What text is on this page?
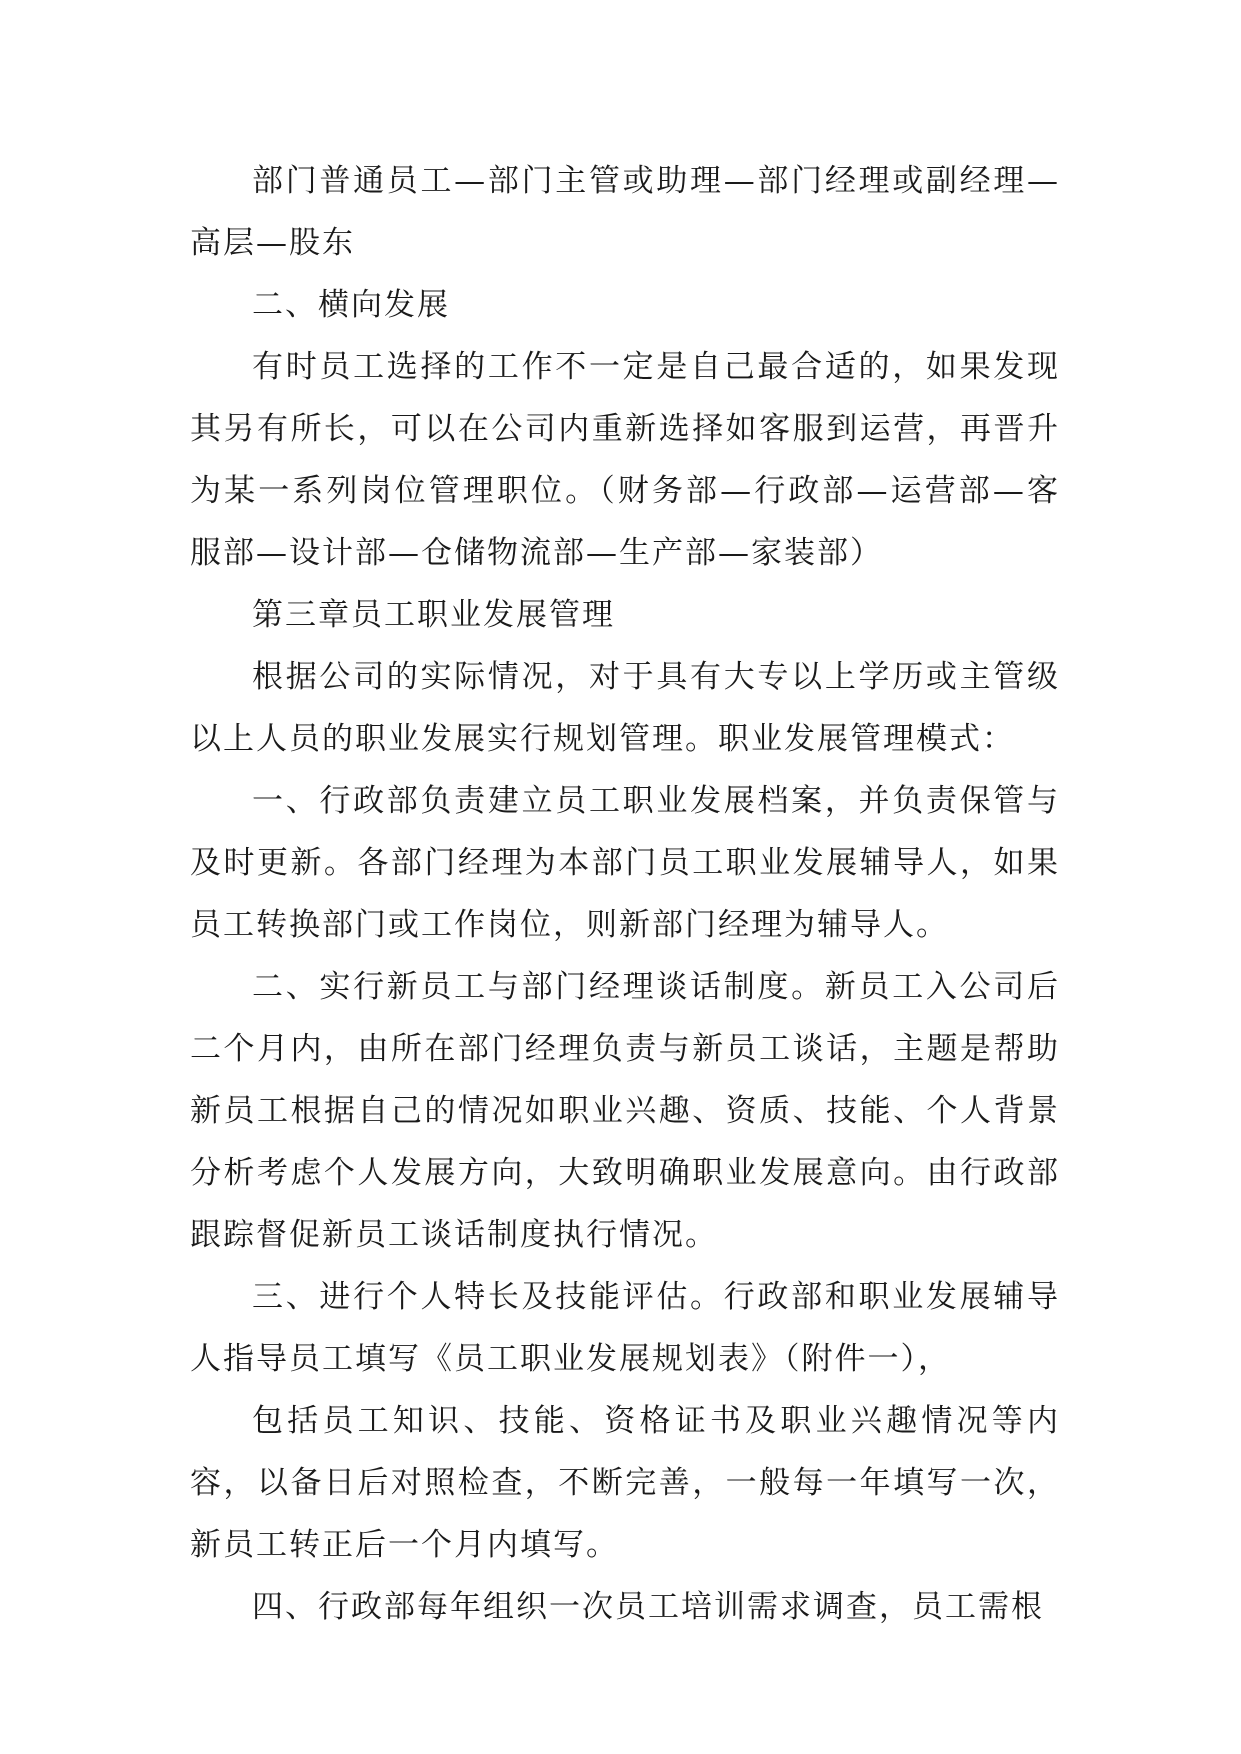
部门普通员工—部门主管或助理—部门经理或副经理—高层—股东

二、横向发展

有时员工选择的工作不一定是自己最合适的，如果发现其另有所长，可以在公司内重新选择如客服到运营，再晋升为某一系列岗位管理职位。（财务部—行政部—运营部—客服部—设计部—仓储物流部—生产部—家装部）

第三章员工职业发展管理

根据公司的实际情况，对于具有大专以上学历或主管级以上人员的职业发展实行规划管理。职业发展管理模式：

一、行政部负责建立员工职业发展档案，并负责保管与及时更新。各部门经理为本部门员工职业发展辅导人，如果员工转换部门或工作岗位，则新部门经理为辅导人。

二、实行新员工与部门经理谈话制度。新员工入公司后二个月内，由所在部门经理负责与新员工谈话，主题是帮助新员工根据自己的情况如职业兴趣、资质、技能、个人背景分析考虑个人发展方向，大致明确职业发展意向。由行政部跟踪督促新员工谈话制度执行情况。

三、进行个人特长及技能评估。行政部和职业发展辅导人指导员工填写《员工职业发展规划表》（附件一），

包括员工知识、技能、资格证书及职业兴趣情况等内容，以备日后对照检查，不断完善，一般每一年填写一次，新员工转正后一个月内填写。

四、行政部每年组织一次员工培训需求调查，员工需根
